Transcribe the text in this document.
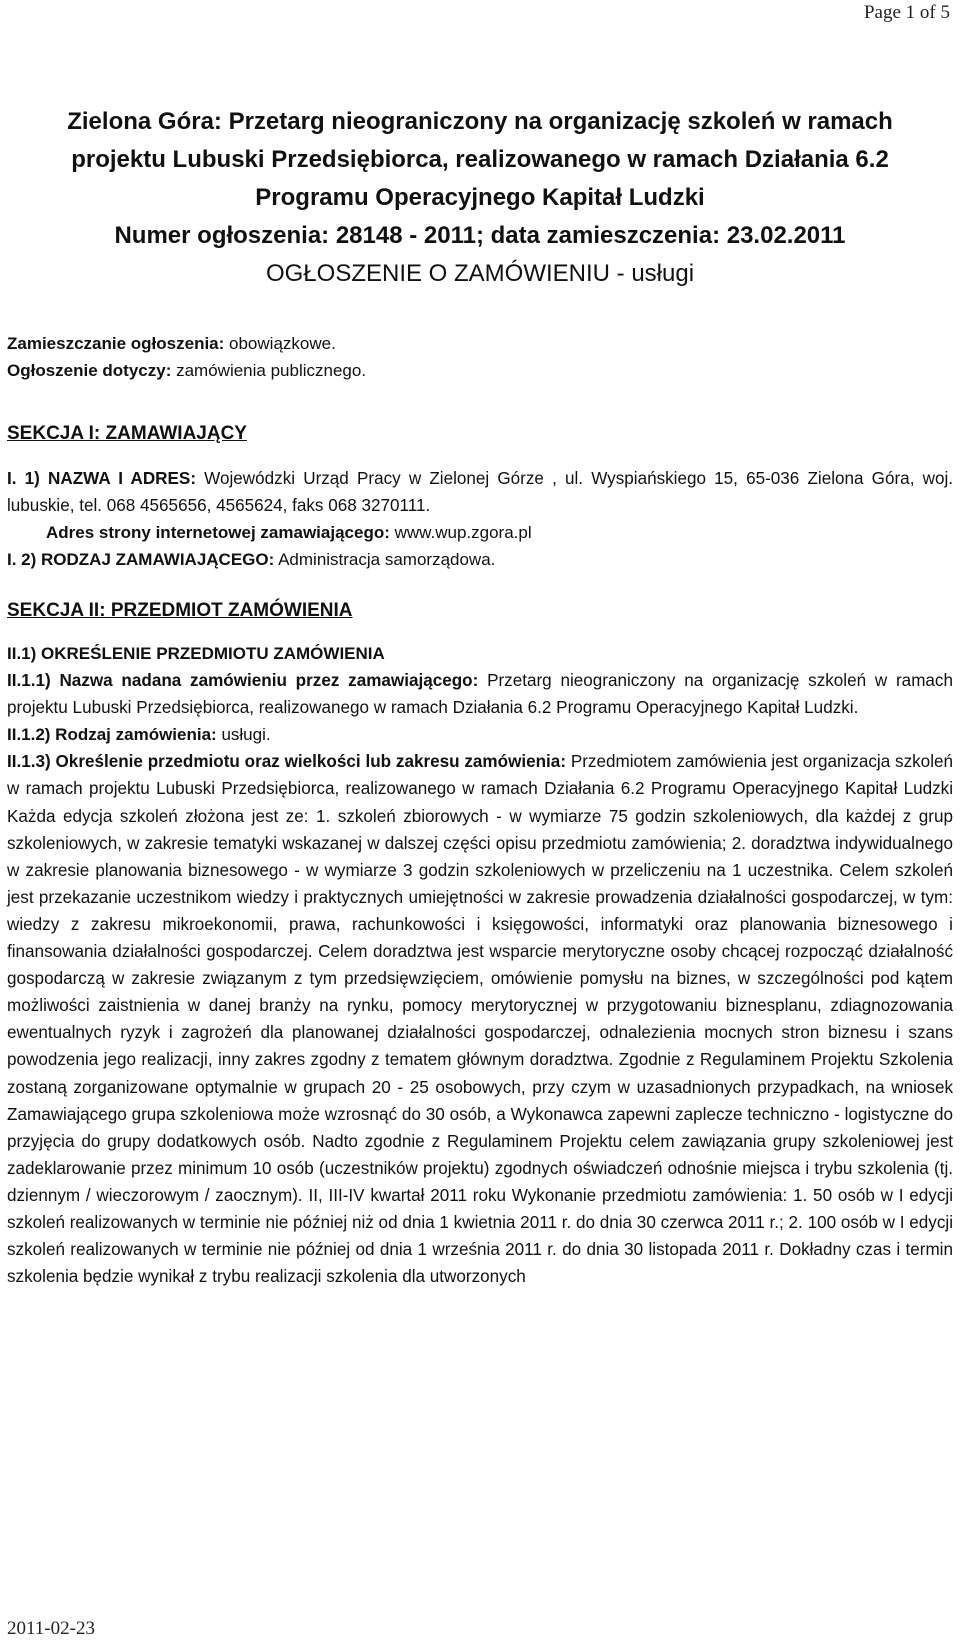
Page 1 of 5

Zielona Góra: Przetarg nieograniczony na organizację szkoleń w ramach

projektu Lubuski Przedsiębiorca, realizowanego w ramach Działania 6.2

Programu Operacyjnego Kapitał Ludzki

Numer ogłoszenia: 28148 - 2011; data zamieszczenia: 23.02.2011

OGŁOSZENIE O ZAMÓWIENIU - usługi

Zamieszczanie ogłoszenia: obowiązkowe.

Ogłoszenie dotyczy: zamówienia publicznego.

SEKCJA I: ZAMAWIAJĄCY

I. 1) NAZWA I ADRES: Wojewódzki Urząd Pracy w Zielonej Górze , ul. Wyspiańskiego 15, 65-036 Zielona Góra, woj. lubuskie, tel. 068 4565656, 4565624, faks 068 3270111.

Adres strony internetowej zamawiającego: www.wup.zgora.pl

I. 2) RODZAJ ZAMAWIAJĄCEGO: Administracja samorządowa.

SEKCJA II: PRZEDMIOT ZAMÓWIENIA

II.1) OKREŚLENIE PRZEDMIOTU ZAMÓWIENIA

II.1.1) Nazwa nadana zamówieniu przez zamawiającego: Przetarg nieograniczony na organizację szkoleń w ramach projektu Lubuski Przedsiębiorca, realizowanego w ramach Działania 6.2 Programu Operacyjnego Kapitał Ludzki.

II.1.2) Rodzaj zamówienia: usługi.

II.1.3) Określenie przedmiotu oraz wielkości lub zakresu zamówienia: Przedmiotem zamówienia jest organizacja szkoleń w ramach projektu Lubuski Przedsiębiorca, realizowanego w ramach Działania 6.2 Programu Operacyjnego Kapitał Ludzki Każda edycja szkoleń złożona jest ze: 1. szkoleń zbiorowych - w wymiarze 75 godzin szkoleniowych, dla każdej z grup szkoleniowych, w zakresie tematyki wskazanej w dalszej części opisu przedmiotu zamówienia; 2. doradztwa indywidualnego w zakresie planowania biznesowego - w wymiarze 3 godzin szkoleniowych w przeliczeniu na 1 uczestnika. Celem szkoleń jest przekazanie uczestnikom wiedzy i praktycznych umiejętności w zakresie prowadzenia działalności gospodarczej, w tym: wiedzy z zakresu mikroekonomii, prawa, rachunkowości i księgowości, informatyki oraz planowania biznesowego i finansowania działalności gospodarczej. Celem doradztwa jest wsparcie merytoryczne osoby chcącej rozpocząć działalność gospodarczą w zakresie związanym z tym przedsięwzięciem, omówienie pomysłu na biznes, w szczególności pod kątem możliwości zaistnienia w danej branży na rynku, pomocy merytorycznej w przygotowaniu biznesplanu, zdiagnozowania ewentualnych ryzyk i zagrożeń dla planowanej działalności gospodarczej, odnalezienia mocnych stron biznesu i szans powodzenia jego realizacji, inny zakres zgodny z tematem głównym doradztwa. Zgodnie z Regulaminem Projektu Szkolenia zostaną zorganizowane optymalnie w grupach 20 - 25 osobowych, przy czym w uzasadnionych przypadkach, na wniosek Zamawiającego grupa szkoleniowa może wzrosnąć do 30 osób, a Wykonawca zapewni zaplecze techniczno - logistyczne do przyjęcia do grupy dodatkowych osób. Nadto zgodnie z Regulaminem Projektu celem zawiązania grupy szkoleniowej jest zadeklarowanie przez minimum 10 osób (uczestników projektu) zgodnych oświadczeń odnośnie miejsca i trybu szkolenia (tj. dziennym / wieczorowym / zaocznym). II, III-IV kwartał 2011 roku Wykonanie przedmiotu zamówienia: 1. 50 osób w I edycji szkoleń realizowanych w terminie nie później niż od dnia 1 kwietnia 2011 r. do dnia 30 czerwca 2011 r.; 2. 100 osób w I edycji szkoleń realizowanych w terminie nie później od dnia 1 września 2011 r. do dnia 30 listopada 2011 r. Dokładny czas i termin szkolenia będzie wynikał z trybu realizacji szkolenia dla utworzonych

2011-02-23
